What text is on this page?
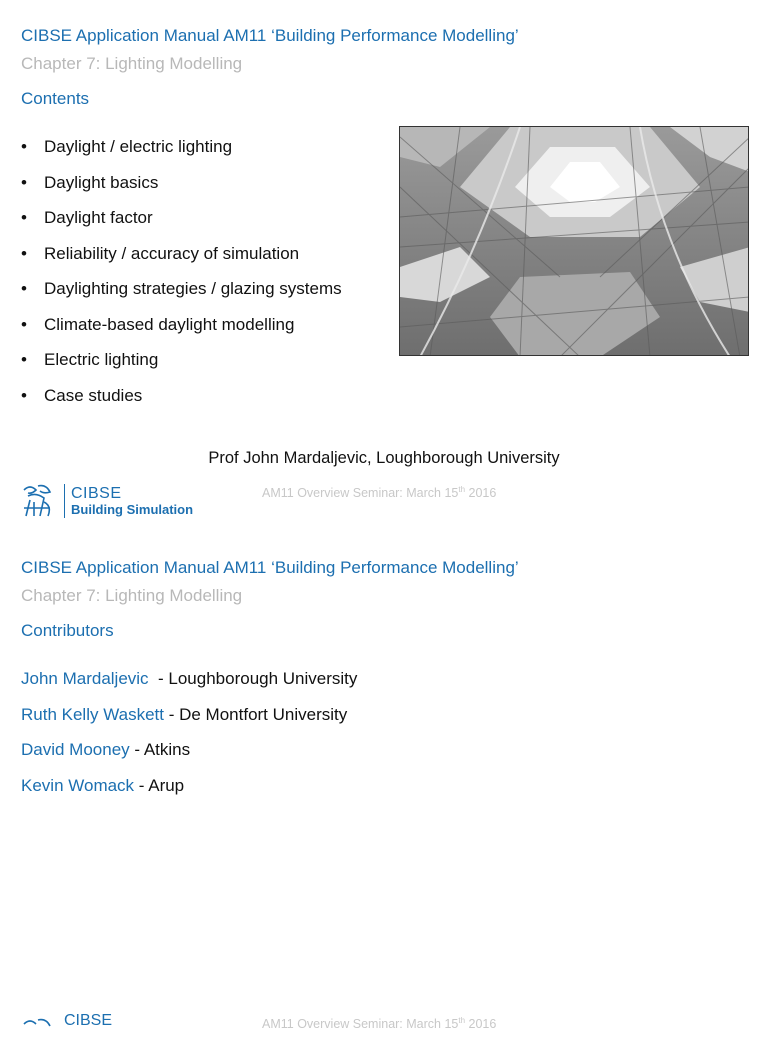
CIBSE Application Manual AM11 ‘Building Performance Modelling’
Chapter 7: Lighting Modelling
Contents
•	Daylight / electric lighting
•	Daylight basics
•	Daylight factor
•	Reliability / accuracy of simulation
•	Daylighting strategies / glazing systems
•	Climate-based daylight modelling
•	Electric lighting
•	Case studies
Prof John Mardaljevic, Loughborough University
CIBSE
Building Simulation
AM11 Overview Seminar: March 15th 2016
CIBSE Application Manual AM11 ‘Building Performance Modelling’
Chapter 7: Lighting Modelling
Contributors
John Mardaljevic  - Loughborough University
Ruth Kelly Waskett - De Montfort University
David Mooney - Atkins
Kevin Womack - Arup
CIBSE	AM11 Overview Seminar: March 15th 2016
